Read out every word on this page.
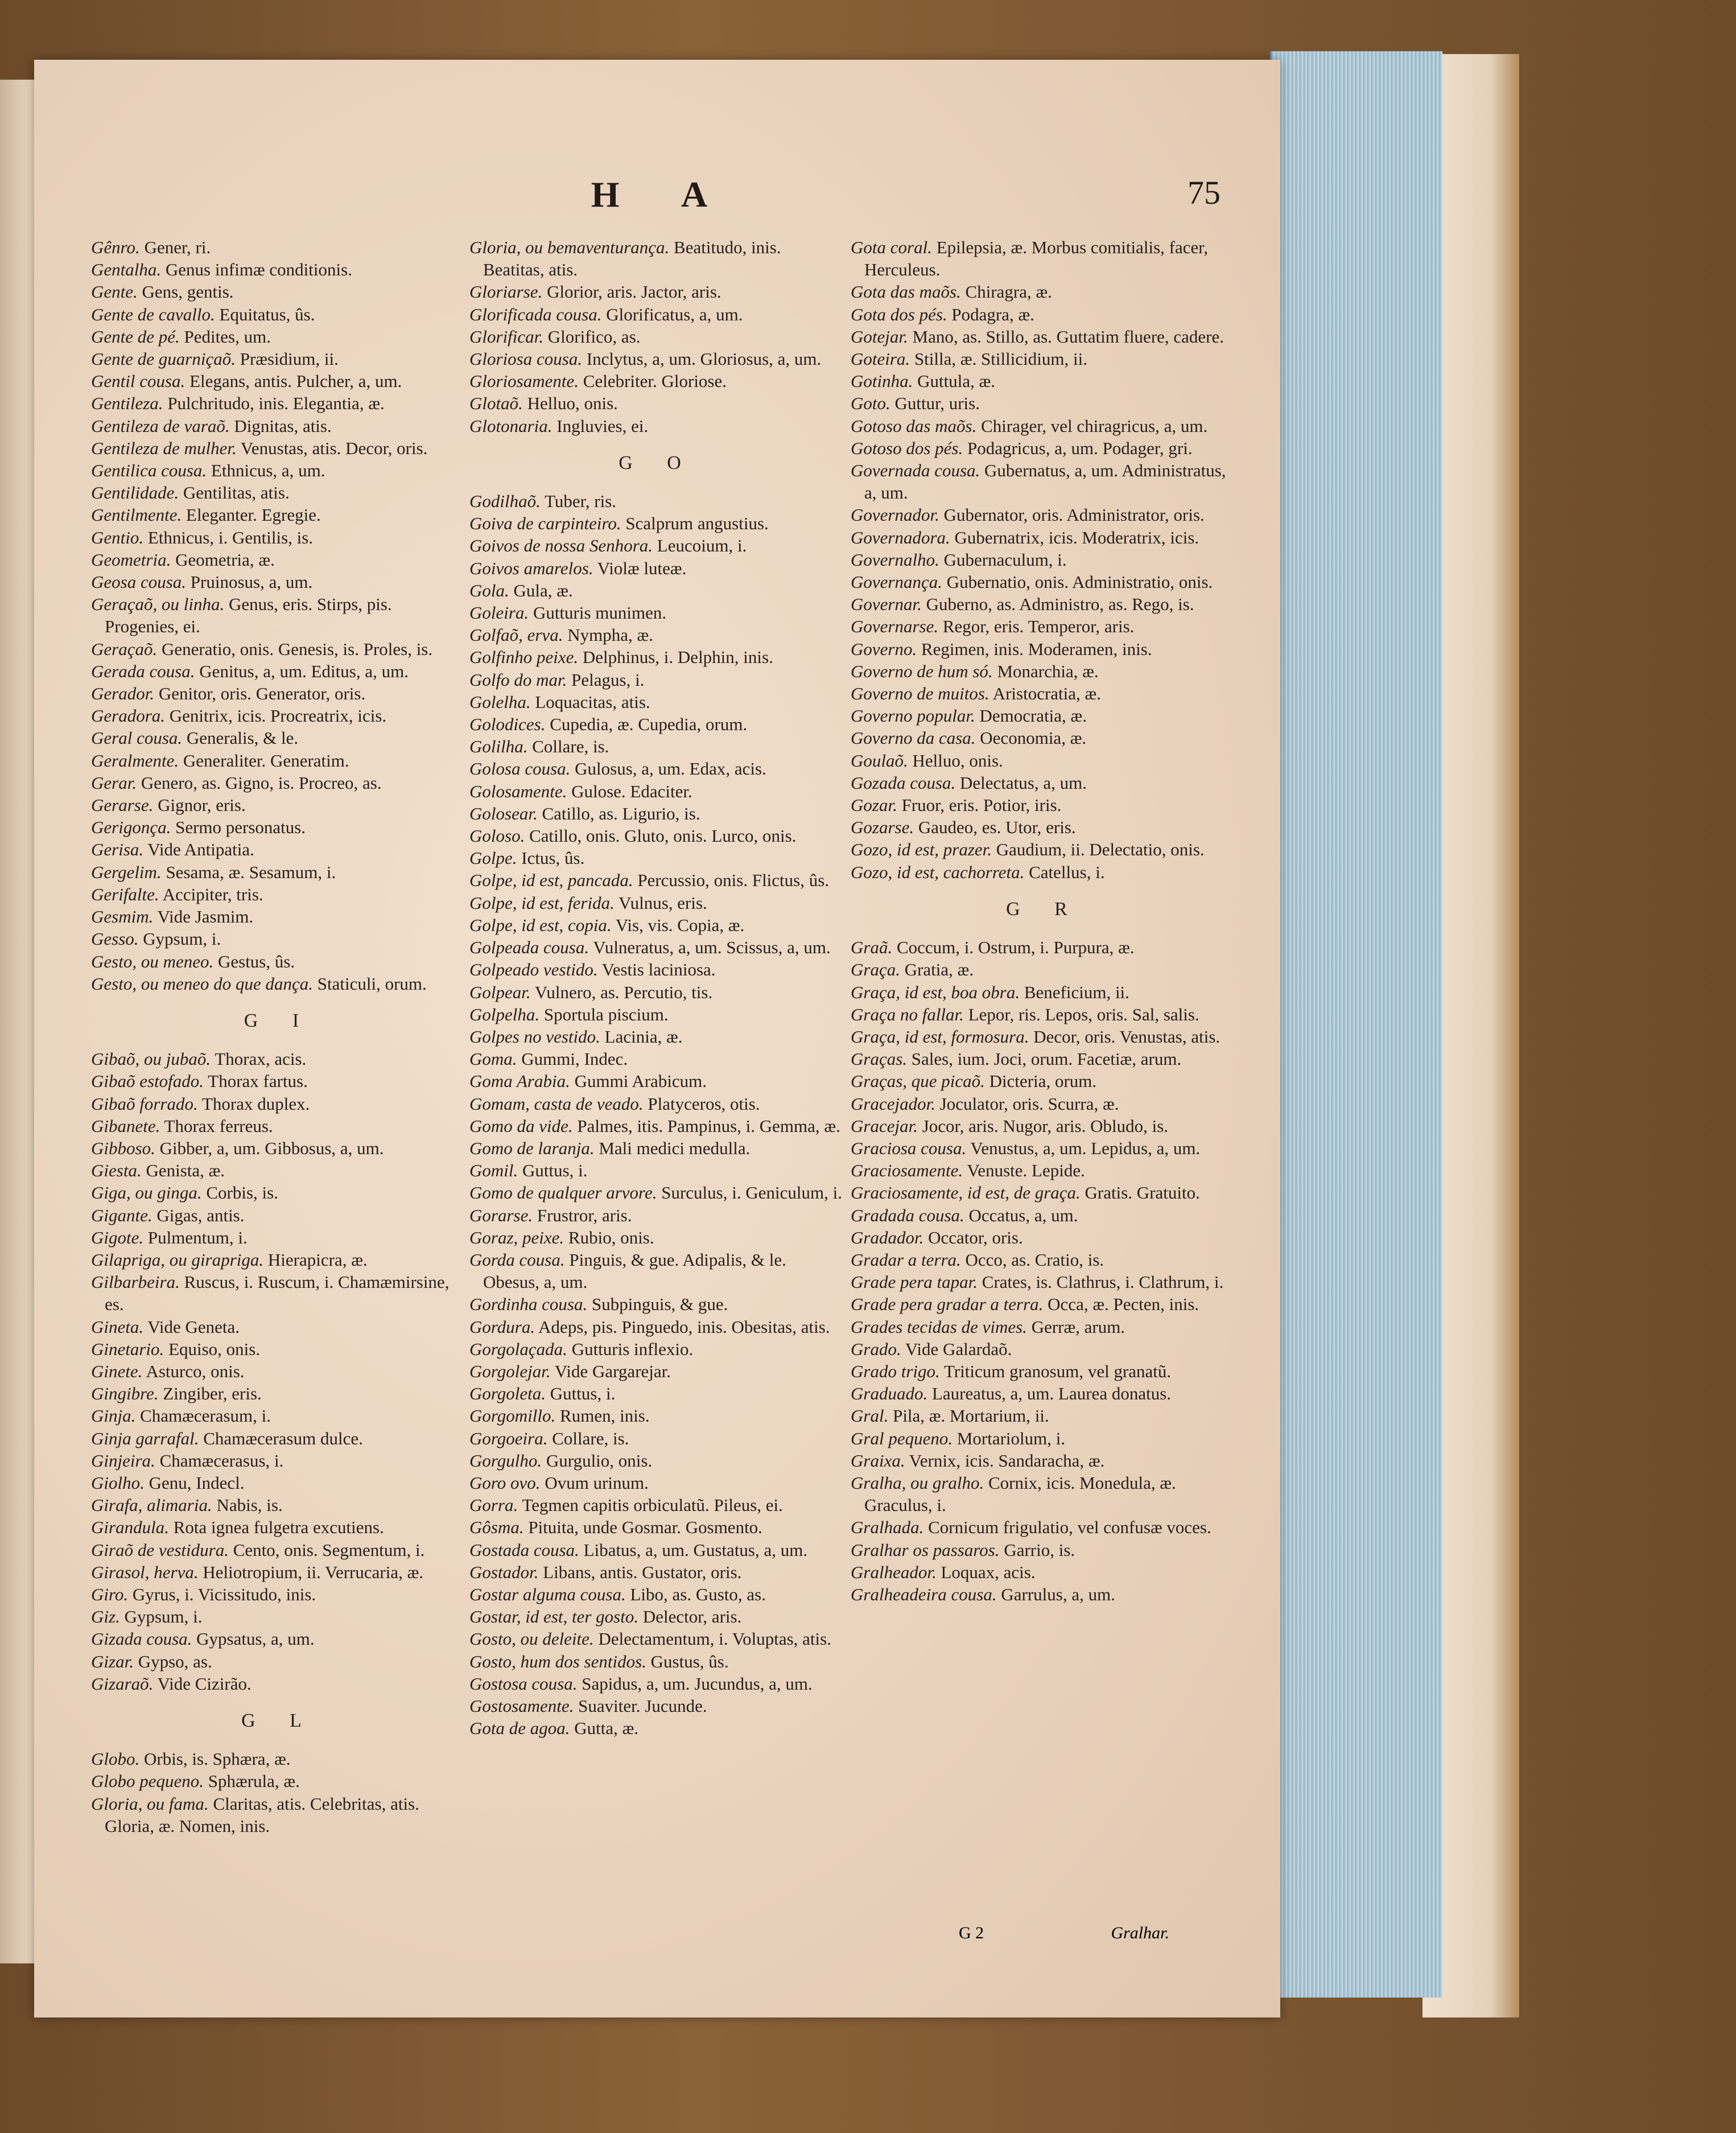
H A	75

Gênro. Gener, ri.

Gentalha. Genus infimæ conditionis.

Gente. Gens, gentis.

Gente de cavallo. Equitatus, ûs.

Gente de pé. Pedites, um.

Gente de guarniçaõ. Præsidium, ii.

Gentil cousa. Elegans, antis. Pulcher, a, um.

Gentileza. Pulchritudo, inis. Elegantia, æ.

Gentileza de varaõ. Dignitas, atis.

Gentileza de mulher. Venustas, atis. Decor, oris.

Gentilica cousa. Ethnicus, a, um.

Gentilidade. Gentilitas, atis.

Gentilmente. Eleganter. Egregie.

Gentio. Ethnicus, i. Gentilis, is.

Geometria. Geometria, æ.

Geosa cousa. Pruinosus, a, um.

Geraçaõ, ou linha. Genus, eris. Stirps, pis. Progenies, ei.

Geraçaõ. Generatio, onis. Genesis, is. Proles, is.

Gerada cousa. Genitus, a, um. Editus, a, um.

Gerador. Genitor, oris. Generator, oris.

Geradora. Genitrix, icis. Procreatrix, icis.

Geral cousa. Generalis, & le.

Geralmente. Generaliter. Generatim.

Gerar. Genero, as. Gigno, is. Procreo, as.

Gerarse. Gignor, eris.

Gerigonça. Sermo personatus.

Gerisa. Vide Antipatia.

Gergelim. Sesama, æ. Sesamum, i.

Gerifalte. Accipiter, tris.

Gesmim. Vide Jasmim.

Gesso. Gypsum, i.

Gesto, ou meneo. Gestus, ûs.

Gesto, ou meneo do que dança. Staticuli, orum.

G I

Gibaõ, ou jubaõ. Thorax, acis.

Gibaõ estofado. Thorax fartus.

Gibaõ forrado. Thorax duplex.

Gibanete. Thorax ferreus.

Gibboso. Gibber, a, um. Gibbosus, a, um.

Giesta. Genista, æ.

Giga, ou ginga. Corbis, is.

Gigante. Gigas, antis.

Gigote. Pulmentum, i.

Gilapriga, ou girapriga. Hierapicra, æ.

Gilbarbeira. Ruscus, i. Ruscum, i. Chamæmirsine, es.

Gineta. Vide Geneta.

Ginetario. Equiso, onis.

Ginete. Asturco, onis.

Gingibre. Zingiber, eris.

Ginja. Chamæcerasum, i.

Ginja garrafal. Chamæcerasum dulce.

Ginjeira. Chamæcerasus, i.

Giolho. Genu, Indecl.

Girafa, alimaria. Nabis, is.

Girandula. Rota ignea fulgetra excutiens.

Giraõ de vestidura. Cento, onis. Segmentum, i.

Girasol, herva. Heliotropium, ii. Verrucaria, æ.

Giro. Gyrus, i. Vicissitudo, inis.

Giz. Gypsum, i.

Gizada cousa. Gypsatus, a, um.

Gizar. Gypso, as.

Gizaraõ. Vide Cizirão.

G L

Globo. Orbis, is. Sphæra, æ.

Globo pequeno. Sphærula, æ.

Gloria, ou fama. Claritas, atis. Celebritas, atis. Gloria, æ. Nomen, inis.

Gloria, ou bemaventurança. Beatitudo, inis. Beatitas, atis.

Gloriarse. Glorior, aris. Jactor, aris.

Glorificada cousa. Glorificatus, a, um.

Glorificar. Glorifico, as.

Gloriosa cousa. Inclytus, a, um. Gloriosus, a, um.

Gloriosamente. Celebriter. Gloriose.

Glotaõ. Helluo, onis.

Glotonaria. Ingluvies, ei.

G O

Godilhaõ. Tuber, ris.

Goiva de carpinteiro. Scalprum angustius.

Goivos de nossa Senhora. Leucoium, i.

Goivos amarelos. Violæ luteæ.

Gola. Gula, æ.

Goleira. Gutturis munimen.

Golfaõ, erva. Nympha, æ.

Golfinho peixe. Delphinus, i. Delphin, inis.

Golfo do mar. Pelagus, i.

Golelha. Loquacitas, atis.

Golodices. Cupedia, æ. Cupedia, orum.

Golilha. Collare, is.

Golosa cousa. Gulosus, a, um. Edax, acis.

Golosamente. Gulose. Edaciter.

Golosear. Catillo, as. Ligurio, is.

Goloso. Catillo, onis. Gluto, onis. Lurco, onis.

Golpe. Ictus, ûs.

Golpe, id est, pancada. Percussio, onis. Flictus, ûs.

Golpe, id est, ferida. Vulnus, eris.

Golpe, id est, copia. Vis, vis. Copia, æ.

Golpeada cousa. Vulneratus, a, um. Scissus, a, um.

Golpeado vestido. Vestis laciniosa.

Golpear. Vulnero, as. Percutio, tis.

Golpelha. Sportula piscium.

Golpes no vestido. Lacinia, æ.

Goma. Gummi, Indec.

Goma Arabia. Gummi Arabicum.

Gomam, casta de veado. Platyceros, otis.

Gomo da vide. Palmes, itis. Pampinus, i. Gemma, æ.

Gomo de laranja. Mali medici medulla.

Gomil. Guttus, i.

Gomo de qualquer arvore. Surculus, i. Geniculum, i.

Gorarse. Frustror, aris.

Goraz, peixe. Rubio, onis.

Gorda cousa. Pinguis, & gue. Adipalis, & le. Obesus, a, um.

Gordinha cousa. Subpinguis, & gue.

Gordura. Adeps, pis. Pinguedo, inis. Obesitas, atis.

Gorgolaçada. Gutturis inflexio.

Gorgolejar. Vide Gargarejar.

Gorgoleta. Guttus, i.

Gorgomillo. Rumen, inis.

Gorgoeira. Collare, is.

Gorgulho. Gurgulio, onis.

Goro ovo. Ovum urinum.

Gorra. Tegmen capitis orbiculatũ. Pileus, ei.

Gôsma. Pituita, unde Gosmar. Gosmento.

Gostada cousa. Libatus, a, um. Gustatus, a, um.

Gostador. Libans, antis. Gustator, oris.

Gostar alguma cousa. Libo, as. Gusto, as.

Gostar, id est, ter gosto. Delector, aris.

Gosto, ou deleite. Delectamentum, i. Voluptas, atis.

Gosto, hum dos sentidos. Gustus, ûs.

Gostosa cousa. Sapidus, a, um. Jucundus, a, um.

Gostosamente. Suaviter. Jucunde.

Gota de agoa. Gutta, æ.

Gota coral. Epilepsia, æ. Morbus comitialis, facer, Herculeus.

Gota das maõs. Chiragra, æ.

Gota dos pés. Podagra, æ.

Gotejar. Mano, as. Stillo, as. Guttatim fluere, cadere.

Goteira. Stilla, æ. Stillicidium, ii.

Gotinha. Guttula, æ.

Goto. Guttur, uris.

Gotoso das maõs. Chirager, vel chiragricus, a, um.

Gotoso dos pés. Podagricus, a, um. Podager, gri.

Governada cousa. Gubernatus, a, um. Administratus, a, um.

Governador. Gubernator, oris. Administrator, oris.

Governadora. Gubernatrix, icis. Moderatrix, icis.

Governalho. Gubernaculum, i.

Governança. Gubernatio, onis. Administratio, onis.

Governar. Guberno, as. Administro, as. Rego, is.

Governarse. Regor, eris. Temperor, aris.

Governo. Regimen, inis. Moderamen, inis.

Governo de hum só. Monarchia, æ.

Governo de muitos. Aristocratia, æ.

Governo popular. Democratia, æ.

Governo da casa. Oeconomia, æ.

Goulaõ. Helluo, onis.

Gozada cousa. Delectatus, a, um.

Gozar. Fruor, eris. Potior, iris.

Gozarse. Gaudeo, es. Utor, eris.

Gozo, id est, prazer. Gaudium, ii. Delectatio, onis.

Gozo, id est, cachorreta. Catellus, i.

G R

Graã. Coccum, i. Ostrum, i. Purpura, æ.

Graça. Gratia, æ.

Graça, id est, boa obra. Beneficium, ii.

Graça no fallar. Lepor, ris. Lepos, oris. Sal, salis.

Graça, id est, formosura. Decor, oris. Venustas, atis.

Graças. Sales, ium. Joci, orum. Facetiæ, arum.

Graças, que picaõ. Dicteria, orum.

Gracejador. Joculator, oris. Scurra, æ.

Gracejar. Jocor, aris. Nugor, aris. Obludo, is.

Graciosa cousa. Venustus, a, um. Lepidus, a, um.

Graciosamente. Venuste. Lepide.

Graciosamente, id est, de graça. Gratis. Gratuito.

Gradada cousa. Occatus, a, um.

Gradador. Occator, oris.

Gradar a terra. Occo, as. Cratio, is.

Grade pera tapar. Crates, is. Clathrus, i. Clathrum, i.

Grade pera gradar a terra. Occa, æ. Pecten, inis.

Grades tecidas de vimes. Gerræ, arum.

Grado. Vide Galardaõ.

Grado trigo. Triticum granosum, vel granatũ.

Graduado. Laureatus, a, um. Laurea donatus.

Gral. Pila, æ. Mortarium, ii.

Gral pequeno. Mortariolum, i.

Graixa. Vernix, icis. Sandaracha, æ.

Gralha, ou gralho. Cornix, icis. Monedula, æ. Graculus, i.

Gralhada. Cornicum frigulatio, vel confusæ voces.

Gralhar os passaros. Garrio, is.

Gralheador. Loquax, acis.

Gralheadeira cousa. Garrulus, a, um.

G 2	Gralhar.
